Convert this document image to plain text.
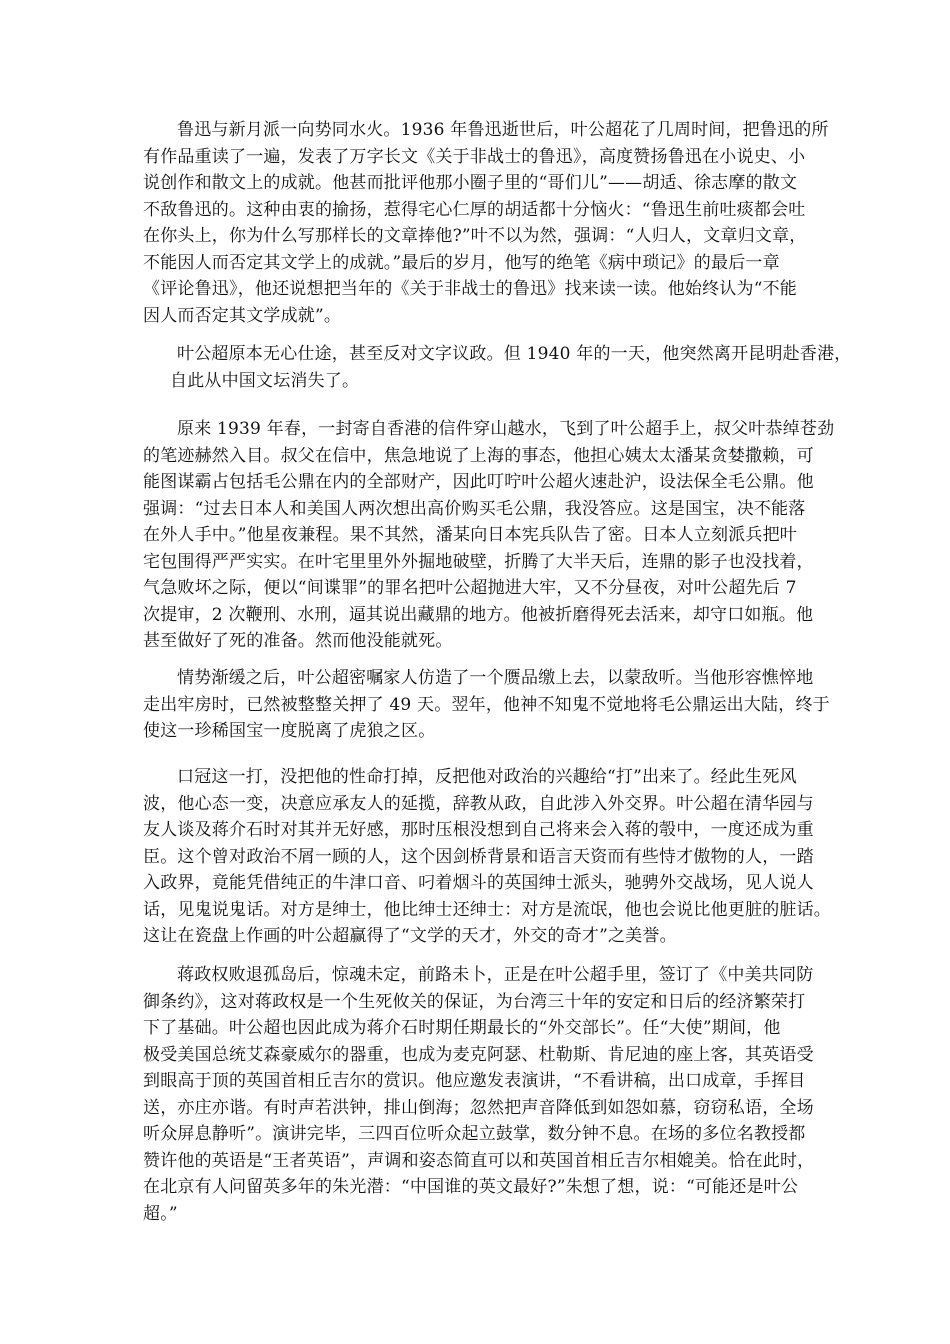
鲁迅与新月派一向势同水火。1936 年鲁迅逝世后，叶公超花了几周时间，把鲁迅的所
有作品重读了一遍，发表了万字长文《关于非战士的鲁迅》，高度赞扬鲁迅在小说史、小
说创作和散文上的成就。他甚而批评他那小圈子里的“哥们儿”——胡适、徐志摩的散文
不敌鲁迅的。这种由衷的揄扬，惹得宅心仁厚的胡适都十分恼火：“鲁迅生前吐痰都会吐
在你头上，你为什么写那样长的文章捧他?”叶不以为然，强调：“人归人，文章归文章，
不能因人而否定其文学上的成就。”最后的岁月，他写的绝笔《病中琐记》的最后一章
《评论鲁迅》，他还说想把当年的《关于非战士的鲁迅》找来读一读。他始终认为“不能
因人而否定其文学成就”。
叶公超原本无心仕途，甚至反对文字议政。但 1940 年的一天，他突然离开昆明赴香港，
自此从中国文坛消失了。
原来 1939 年春，一封寄自香港的信件穿山越水，飞到了叶公超手上，叔父叶恭绰苍劲
的笔迹赫然入目。叔父在信中，焦急地说了上海的事态，他担心姨太太潘某贪婪撒赖，可
能图谋霸占包括毛公鼎在内的全部财产，因此叮咛叶公超火速赴沪，设法保全毛公鼎。他
强调：“过去日本人和美国人两次想出高价购买毛公鼎，我没答应。这是国宝，决不能落
在外人手中。”他星夜兼程。果不其然，潘某向日本宪兵队告了密。日本人立刻派兵把叶
宅包围得严严实实。在叶宅里里外外掘地破壁，折腾了大半天后，连鼎的影子也没找着，
气急败坏之际，便以“间谍罪”的罪名把叶公超抛进大牢，又不分昼夜，对叶公超先后 7
次提审，2 次鞭刑、水刑，逼其说出藏鼎的地方。他被折磨得死去活来，却守口如瓶。他
甚至做好了死的准备。然而他没能就死。
情势渐缓之后，叶公超密嘱家人仿造了一个赝品缴上去，以蒙敌听。当他形容憔悴地
走出牢房时，已然被整整关押了 49 天。翌年，他神不知鬼不觉地将毛公鼎运出大陆，终于
使这一珍稀国宝一度脱离了虎狼之区。
口冠这一打，没把他的性命打掉，反把他对政治的兴趣给“打”出来了。经此生死风
波，他心态一变，决意应承友人的延揽，辞教从政，自此涉入外交界。叶公超在清华园与
友人谈及蒋介石时对其并无好感，那时压根没想到自己将来会入蒋的彀中，一度还成为重
臣。这个曾对政治不屑一顾的人，这个因剑桥背景和语言天资而有些恃才傲物的人，一踏
入政界，竟能凭借纯正的牛津口音、叼着烟斗的英国绅士派头，驰骋外交战场，见人说人
话，见鬼说鬼话。对方是绅士，他比绅士还绅士：对方是流氓，他也会说比他更脏的脏话。
这让在瓷盘上作画的叶公超赢得了“文学的天才，外交的奇才”之美誉。
蒋政权败退孤岛后，惊魂未定，前路未卜，正是在叶公超手里，签订了《中美共同防
御条约》，这对蒋政权是一个生死攸关的保证，为台湾三十年的安定和日后的经济繁荣打
下了基础。叶公超也因此成为蒋介石时期任期最长的“外交部长”。任“大使”期间，他
极受美国总统艾森豪威尔的器重，也成为麦克阿瑟、杜勒斯、肯尼迪的座上客，其英语受
到眼高于顶的英国首相丘吉尔的赏识。他应邀发表演讲，“不看讲稿，出口成章，手挥目
送，亦庄亦谐。有时声若洪钟，排山倒海；忽然把声音降低到如怨如慕，窃窃私语，全场
听众屏息静听”。演讲完毕，三四百位听众起立鼓掌，数分钟不息。在场的多位名教授都
赞许他的英语是“王者英语”，声调和姿态简直可以和英国首相丘吉尔相媲美。恰在此时，
在北京有人问留英多年的朱光潜：“中国谁的英文最好?”朱想了想，说：“可能还是叶公
超。”
